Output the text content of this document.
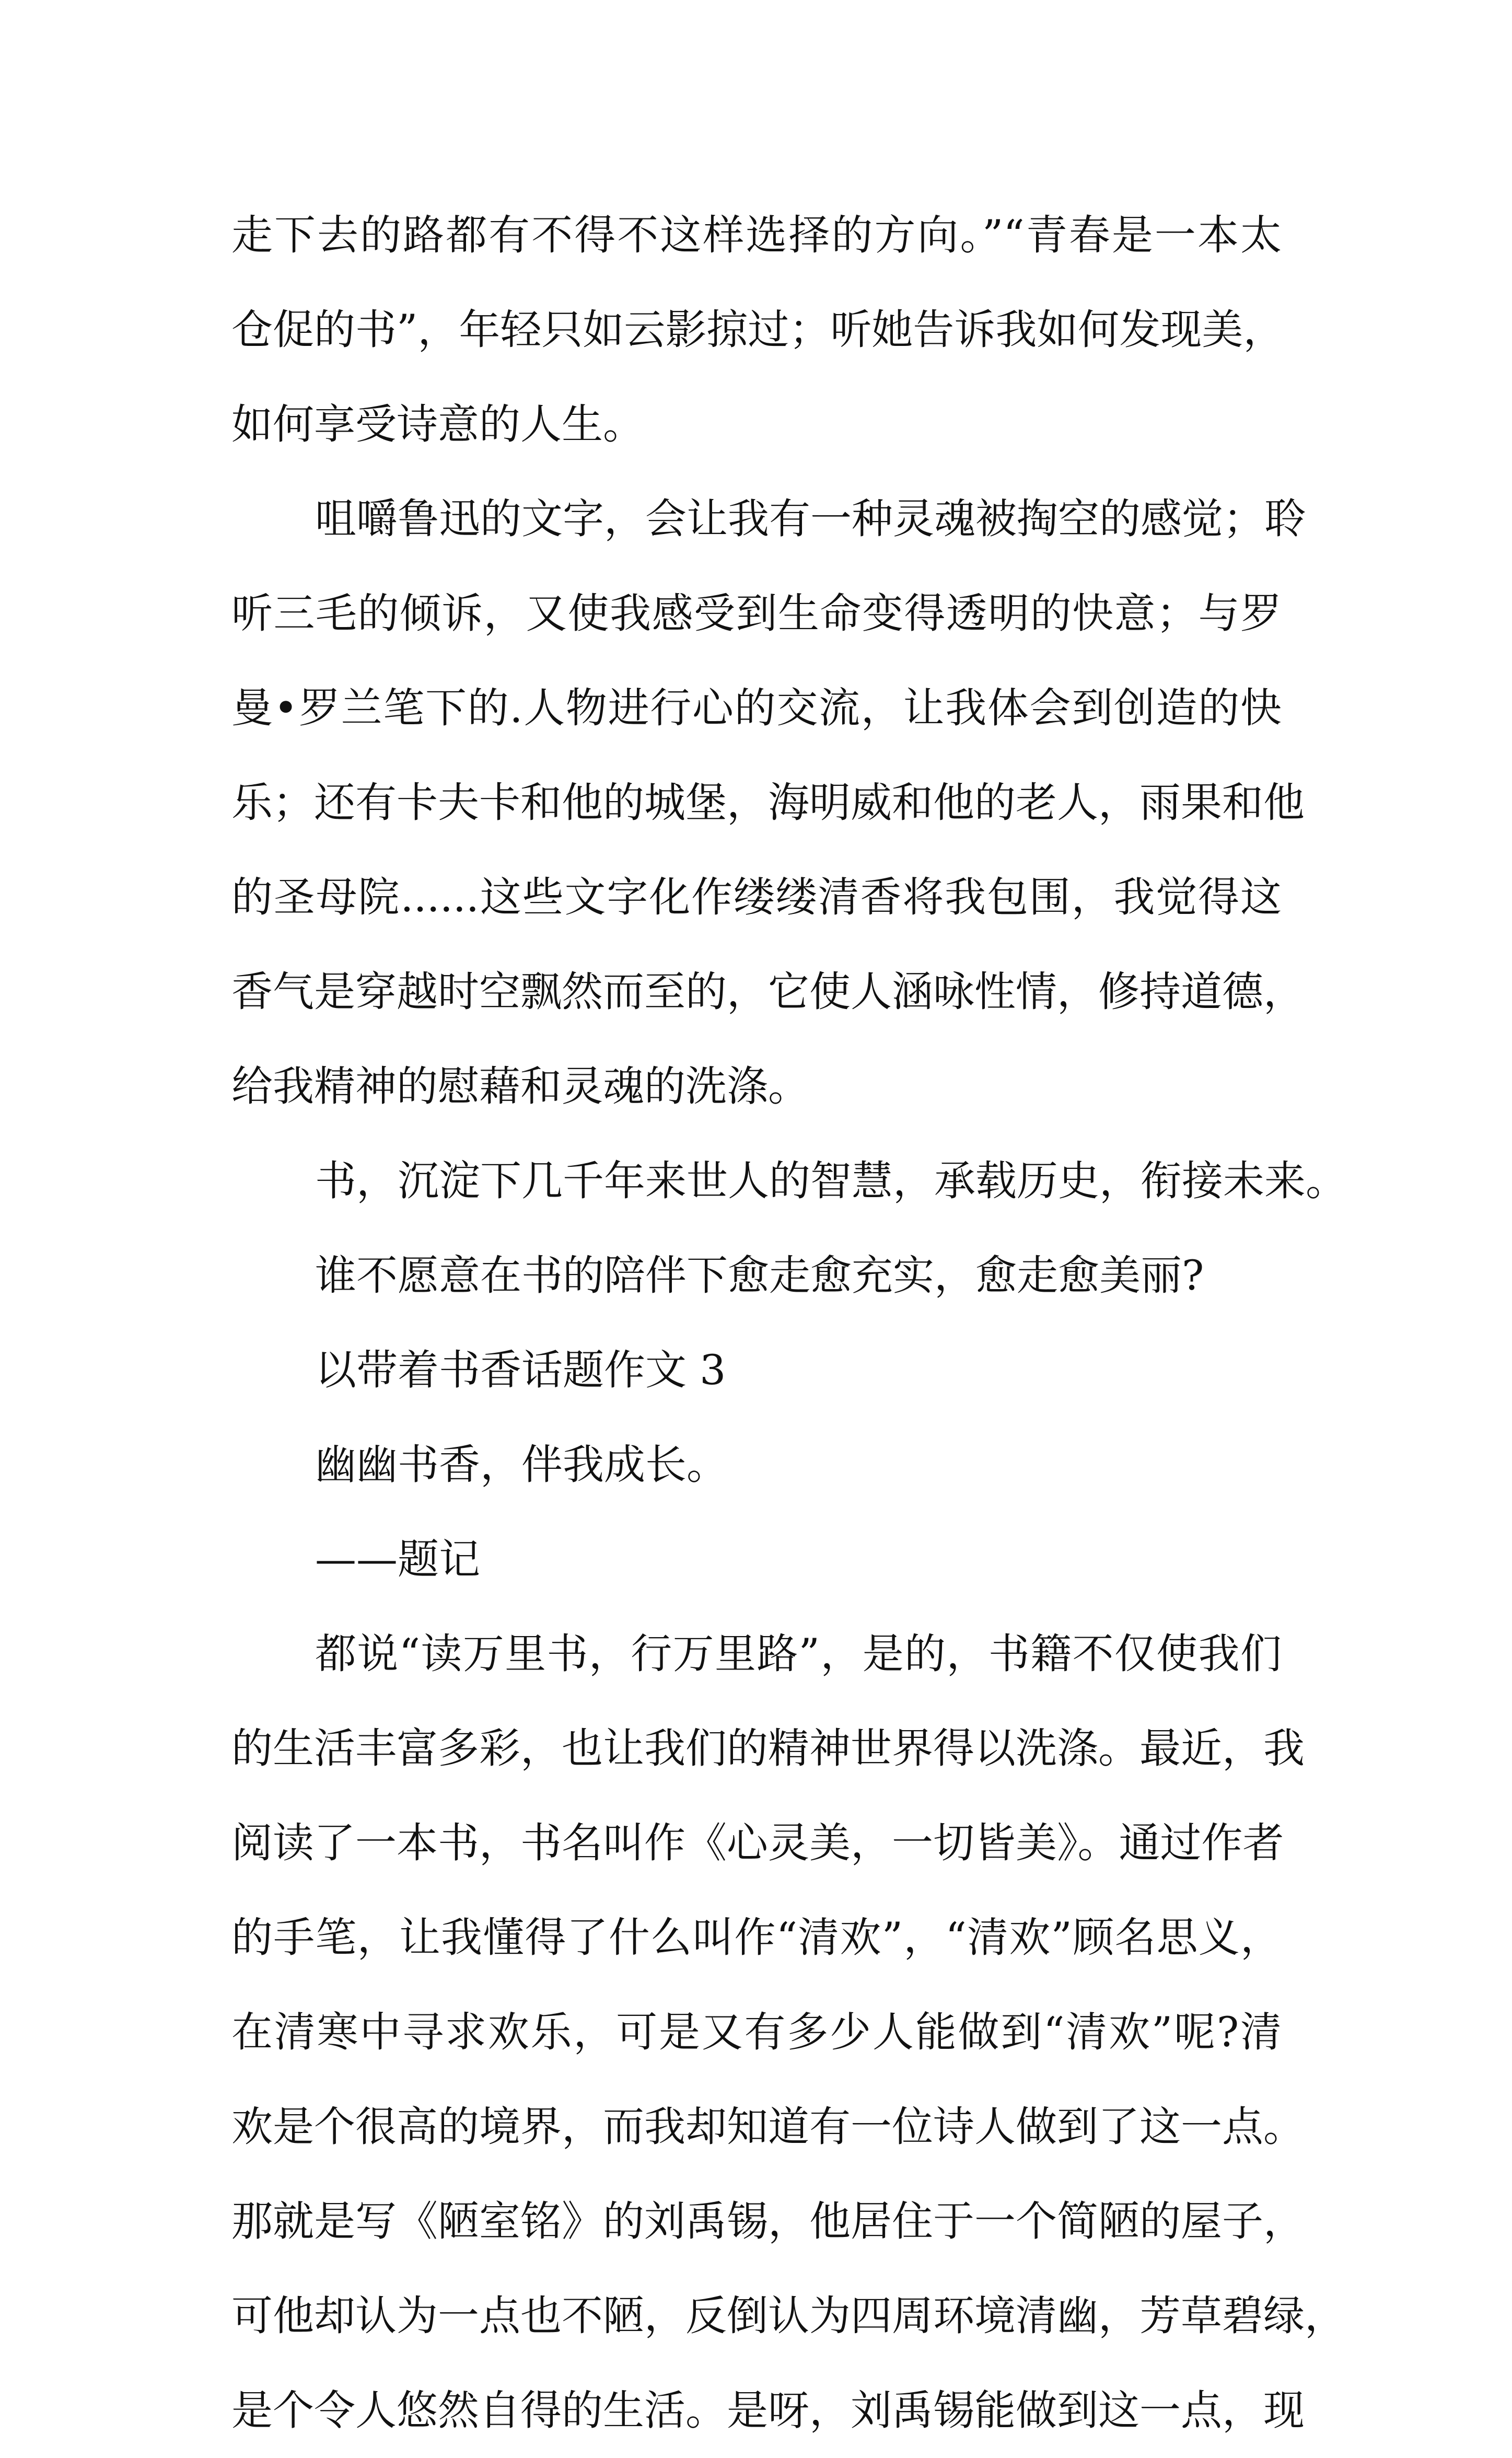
走下去的路都有不得不这样选择的方向。”“青春是一本太
仓促的书”，年轻只如云影掠过；听她告诉我如何发现美，
如何享受诗意的人生。
咀嚼鲁迅的文字，会让我有一种灵魂被掏空的感觉；聆
听三毛的倾诉，又使我感受到生命变得透明的快意；与罗
曼•罗兰笔下的.人物进行心的交流，让我体会到创造的快
乐；还有卡夫卡和他的城堡，海明威和他的老人，雨果和他
的圣母院......这些文字化作缕缕清香将我包围，我觉得这
香气是穿越时空飘然而至的，它使人涵咏性情，修持道德，
给我精神的慰藉和灵魂的洗涤。
书，沉淀下几千年来世人的智慧，承载历史，衔接未来。
谁不愿意在书的陪伴下愈走愈充实，愈走愈美丽?
以带着书香话题作文 3
幽幽书香，伴我成长。
——题记
都说“读万里书，行万里路”，是的，书籍不仅使我们
的生活丰富多彩，也让我们的精神世界得以洗涤。最近，我
阅读了一本书，书名叫作《心灵美，一切皆美》。通过作者
的手笔，让我懂得了什么叫作“清欢”，“清欢”顾名思义，
在清寒中寻求欢乐，可是又有多少人能做到“清欢”呢?清
欢是个很高的境界，而我却知道有一位诗人做到了这一点。
那就是写《陋室铭》的刘禹锡，他居住于一个简陋的屋子，
可他却认为一点也不陋，反倒认为四周环境清幽，芳草碧绿，
是个令人悠然自得的生活。是呀，刘禹锡能做到这一点，现
